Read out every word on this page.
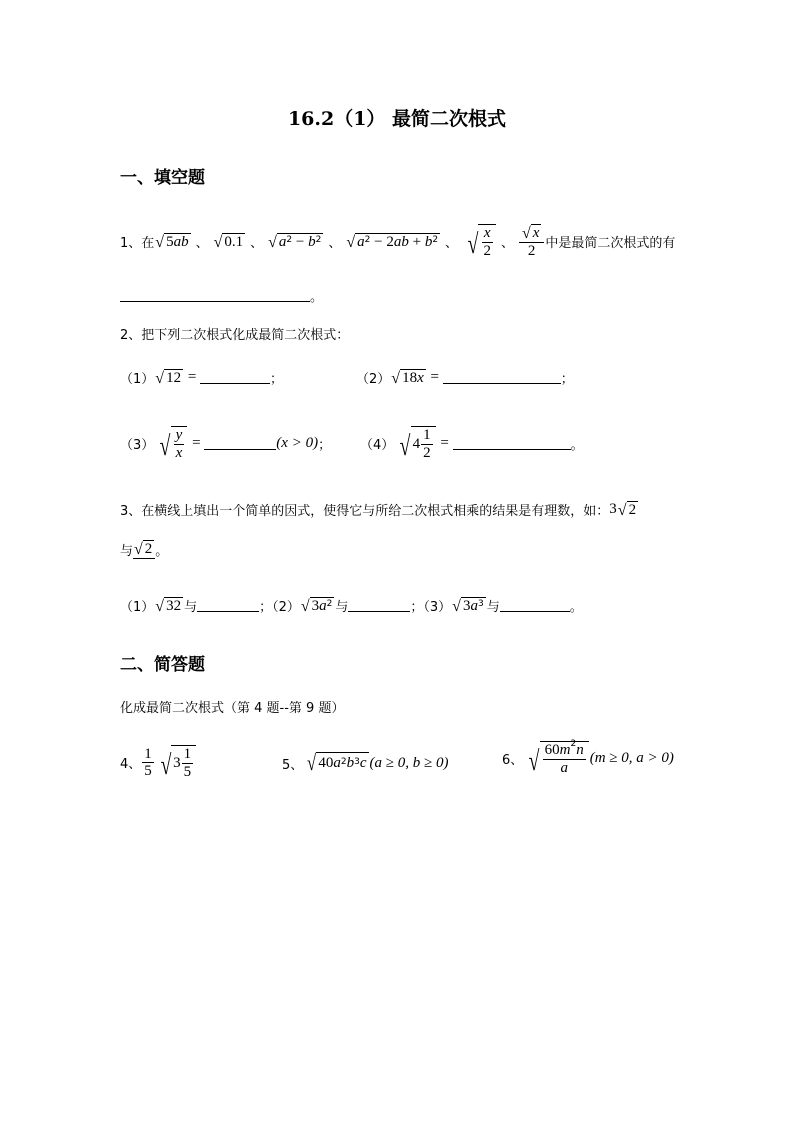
16.2（1） 最简二次根式
一、填空题
1、在 √ 5 ab 、 √ 0.1 、 √ $a^2 - b^2$ 、 √ $a^2 - 2$ ab + $b^2$ 、 √ $\frac{x}{2}$ 、 $\frac{√ x}{2}$ 中是最简二次根式的有
。
2、把下列二次根式化成最简二次根式：
（1） √ 12 =	；	（2） √ 18 x =	；
（3） √ $\frac{y}{x}$ =	(x > 0) ； （4） √ $4 \frac{1}{2}$ =	。
3、在横线上填出一个简单的因式，使得它与所给二次根式相乘的结果是有理数，如： 3 √ 2
与 √ 2 。
（1） √ 32 与	；（2） √ 3 $a^2$ 与	；（3） √ 3 $a^3$ 与	。
二、简答题
化成最简二次根式（第 4 题--第 9 题）
4、 $\frac{1}{5}$ √ $3 \frac{1}{5}$	5、 √ 40 $a^2$ $b^3$ c (a ≥ 0, b ≥ 0)	6、 √ $\frac{60m^2n}{a} (m \ge 0$, a > 0)
